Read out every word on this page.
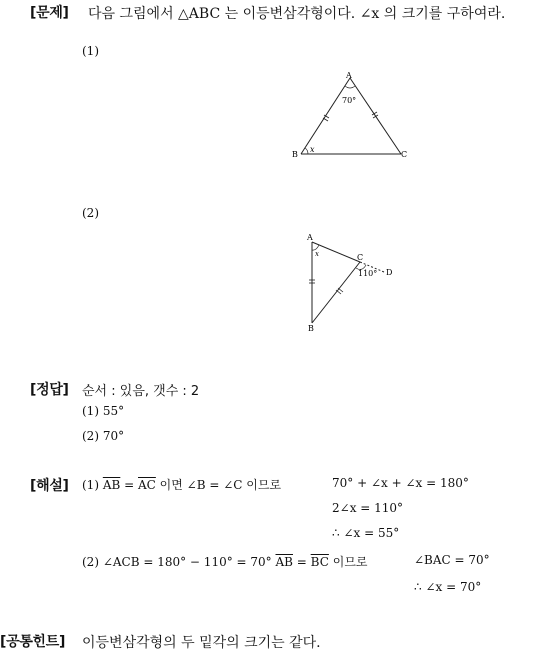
[문제] 다음 그림에서 △ABC 는 이등변삼각형이다. ∠x 의 크기를 구하여라.
(1)
A
B	C
70°
x
(2)
A
B
C
D
x
110°
[정답] 순서 : 있음, 갯수 : 2
(1) 55°
(2) 70°
[해설] (1) $\overline{AB} = \overline{AC}$ 이면 ∠B = ∠C 이므로	70° + ∠x + ∠x = 180°
2∠x = 110°
∴ ∠x = 55°
(2) ∠ACB = 180° − 110° = 70° $\overline{AB} = \overline{BC}$ 이므로	∠BAC = 70°
∴ ∠x = 70°
[공통힌트] 이등변삼각형의 두 밑각의 크기는 같다.
